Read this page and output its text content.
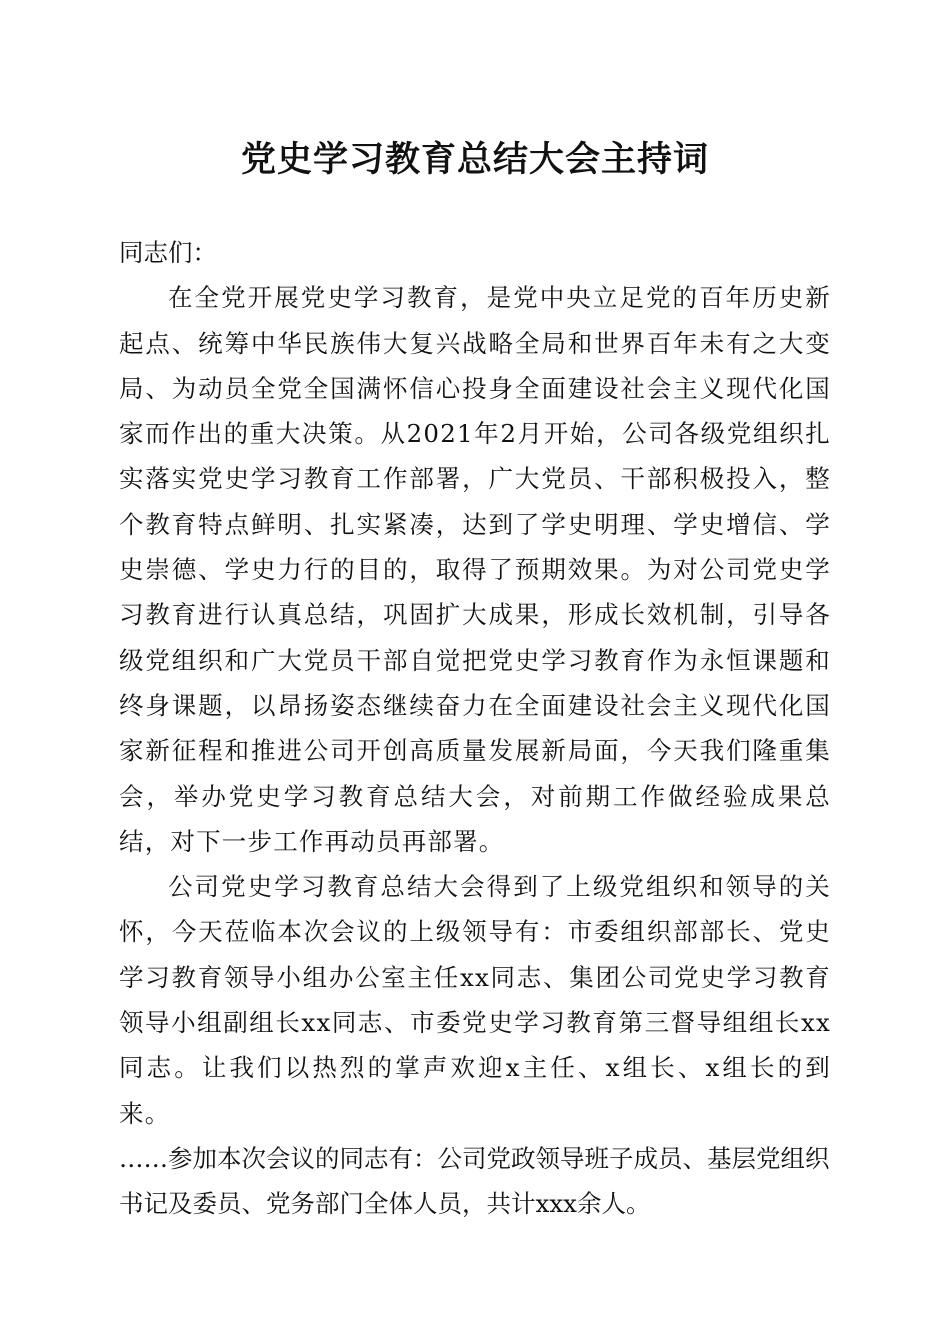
党史学习教育总结大会主持词

同志们：

在全党开展党史学习教育，是党中央立足党的百年历史新起点、统筹中华民族伟大复兴战略全局和世界百年未有之大变局、为动员全党全国满怀信心投身全面建设社会主义现代化国家而作出的重大决策。从2021年2月开始，公司各级党组织扎实落实党史学习教育工作部署，广大党员、干部积极投入，整个教育特点鲜明、扎实紧凑，达到了学史明理、学史增信、学史崇德、学史力行的目的，取得了预期效果。为对公司党史学习教育进行认真总结，巩固扩大成果，形成长效机制，引导各级党组织和广大党员干部自觉把党史学习教育作为永恒课题和终身课题，以昂扬姿态继续奋力在全面建设社会主义现代化国家新征程和推进公司开创高质量发展新局面，今天我们隆重集会，举办党史学习教育总结大会，对前期工作做经验成果总结，对下一步工作再动员再部署。

公司党史学习教育总结大会得到了上级党组织和领导的关怀，今天莅临本次会议的上级领导有：市委组织部部长、党史学习教育领导小组办公室主任xx同志、集团公司党史学习教育领导小组副组长xx同志、市委党史学习教育第三督导组组长xx同志。让我们以热烈的掌声欢迎x主任、x组长、x组长的到来。

……参加本次会议的同志有：公司党政领导班子成员、基层党组织书记及委员、党务部门全体人员，共计xxx余人。
